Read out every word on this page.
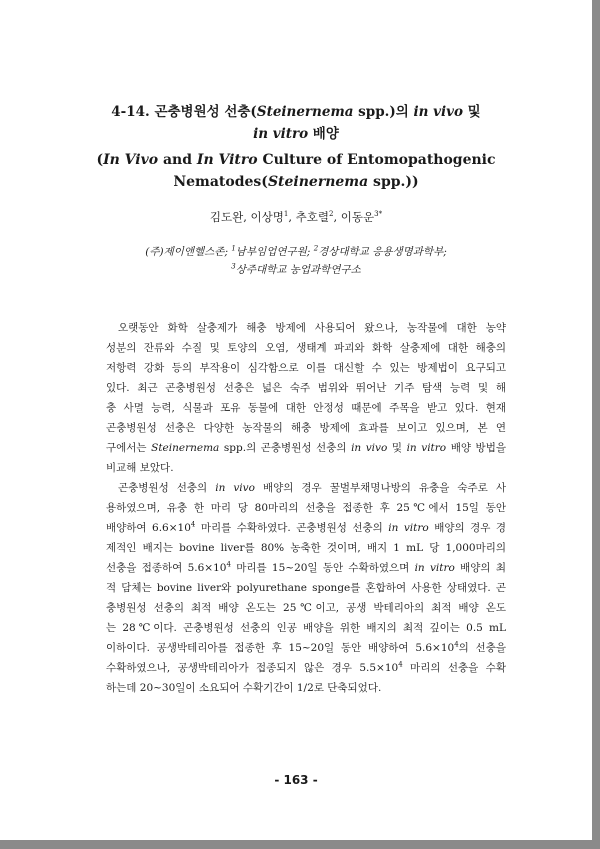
4-14. 곤충병원성 선충(Steinernema spp.)의 in vivo 및
in vitro 배양
(In Vivo and In Vitro Culture of Entomopathogenic
Nematodes(Steinernema spp.))
김도완, 이상명$^1$, 추호렬$^2$, 이동운$^{3*}$
(주)제이앤헬스존; $^1$남부임업연구원; $^2$경상대학교 응용생명과학부;
$^3$상주대학교 농업과학연구소
오랫동안 화학 살충제가 해충 방제에 사용되어 왔으나, 농작물에 대한 농약
성분의 잔류와 수질 및 토양의 오염, 생태계 파괴와 화학 살충제에 대한 해충의
저항력 강화 등의 부작용이 심각함으로 이를 대신할 수 있는 방제법이 요구되고
있다. 최근 곤충병원성 선충은 넓은 숙주 범위와 뛰어난 기주 탐색 능력 및 해
충 사멸 능력, 식물과 포유 동물에 대한 안정성 때문에 주목을 받고 있다. 현재
곤충병원성 선충은 다양한 농작물의 해충 방제에 효과를 보이고 있으며, 본 연
구에서는 Steinernema spp.의 곤충병원성 선충의 in vivo 및 in vitro 배양 방법을
비교해 보았다.
곤충병원성 선충의 in vivo 배양의 경우 꿀벌부채명나방의 유충을 숙주로 사
용하였으며, 유충 한 마리 당 80마리의 선충을 접종한 후 25℃에서 15일 동안
배양하여 $6.6\times 10^4$ 마리를 수확하였다. 곤충병원성 선충의 in vitro 배양의 경우 경
제적인 배지는 bovine liver를 80% 농축한 것이며, 배지 1 mL 당 1,000마리의
선충을 접종하여 $5.6\times 10^4$ 마리를 15~20일 동안 수확하였으며 in vitro 배양의 최
적 담체는 bovine liver와 polyurethane sponge를 혼합하여 사용한 상태였다. 곤
충병원성 선충의 최적 배양 온도는 25℃이고, 공생 박테리아의 최적 배양 온도
는 28℃이다. 곤충병원성 선충의 인공 배양을 위한 배지의 최적 깊이는 0.5 mL
이하이다. 공생박테리아를 접종한 후 15~20일 동안 배양하여 $5.6\times 10^4$의 선충을
수확하였으나, 공생박테리아가 접종되지 않은 경우 $5.5\times 10^4$ 마리의 선충을 수확
하는데 20~30일이 소요되어 수확기간이 1/2로 단축되었다.
- 163 -
